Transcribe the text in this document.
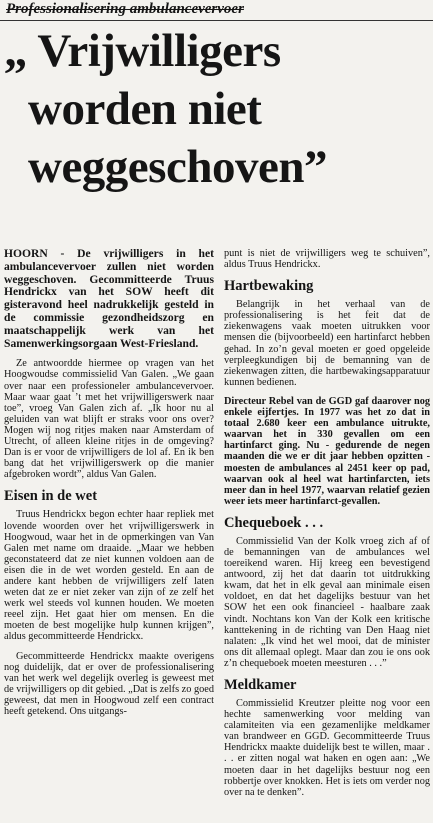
Professionalisering ambulancevervoer
„ Vrijwilligers
worden niet
weggeschoven”

HOORN - De vrijwilligers in het ambulancevervoer zullen niet worden weggeschoven. Gecommitteerde Truus Hendrickx van het SOW heeft dit gisteravond heel nadrukkelijk gesteld in de commissie gezondheidszorg en maatschappelijk werk van het Samenwerkingsorgaan West-Friesland.

Ze antwoordde hiermee op vragen van het Hoogwoudse commissielid Van Galen. „We gaan over naar een professioneler ambulancevervoer. Maar waar gaat ’t met het vrijwilligerswerk naar toe”, vroeg Van Galen zich af. „Ik hoor nu al geluiden van wat blijft er straks voor ons over? Mogen wij nog ritjes maken naar Amsterdam of Utrecht, of alleen kleine ritjes in de omgeving? Dan is er voor de vrijwilligers de lol af. En ik ben bang dat het vrijwilligerswerk op die manier afgebroken wordt”, aldus Van Galen.

Eisen in de wet

Truus Hendrickx begon echter haar repliek met lovende woorden over het vrijwilligerswerk in Hoogwoud, waar het in de opmerkingen van Van Galen met name om draaide. „Maar we hebben geconstateerd dat ze niet kunnen voldoen aan de eisen die in de wet worden gesteld. En aan de andere kant hebben de vrijwilligers zelf laten weten dat ze er niet zeker van zijn of ze zelf het werk wel steeds vol kunnen houden. We moeten reeel zijn. Het gaat hier om mensen. En die moeten de best mogelijke hulp kunnen krijgen”, aldus gecommitteerde Hendrickx.

Gecommitteerde Hendrickx maakte overigens nog duidelijk, dat er over de professionalisering van het werk wel degelijk overleg is geweest met de vrijwilligers op dit gebied. „Dat is zelfs zo goed geweest, dat men in Hoogwoud zelf een contract heeft getekend. Ons uitgangs-

punt is niet de vrijwilligers weg te schuiven”, aldus Truus Hendrickx.

Hartbewaking

Belangrijk in het verhaal van de professionalisering is het feit dat de ziekenwagens vaak moeten uitrukken voor mensen die (bijvoorbeeld) een hartinfarct hebben gehad. In zo’n geval moeten er goed opgeleide verpleegkundigen bij de bemanning van de ziekenwagen zitten, die hartbewakingsapparatuur kunnen bedienen.

Directeur Rebel van de GGD gaf daarover nog enkele eijfertjes. In 1977 was het zo dat in totaal 2.680 keer een ambulance uitrukte, waarvan het in 330 gevallen om een hartinfarct ging. Nu - gedurende de negen maanden die we er dit jaar hebben opzitten - moesten de ambulances al 2451 keer op pad, waarvan ook al heel wat hartinfarcten, iets meer dan in heel 1977, waarvan relatief gezien weer iets meer hartinfarct-gevallen.

Chequeboek . . .

Commissielid Van der Kolk vroeg zich af of de bemanningen van de ambulances wel toereikend waren. Hij kreeg een bevestigend antwoord, zij het dat daarin tot uitdrukking kwam, dat het in elk geval aan minimale eisen voldoet, en dat het dagelijks bestuur van het SOW het een ook financieel - haalbare zaak vindt. Nochtans kon Van der Kolk een kritische kanttekening in de richting van Den Haag niet nalaten: „Ik vind het wel mooi, dat de minister ons dit allemaal oplegt. Maar dan zou ie ons ook z’n chequeboek moeten meesturen . . .”

Meldkamer

Commissielid Kreutzer pleitte nog voor een hechte samenwerking voor melding van calamiteiten via een gezamenlijke meldkamer van brandweer en GGD. Gecommitteerde Truus Hendrickx maakte duidelijk best te willen, maar . . . er zitten nogal wat haken en ogen aan: „We moeten daar in het dagelijks bestuur nog een robbertje over knokken. Het is iets om verder nog over na te denken”.
